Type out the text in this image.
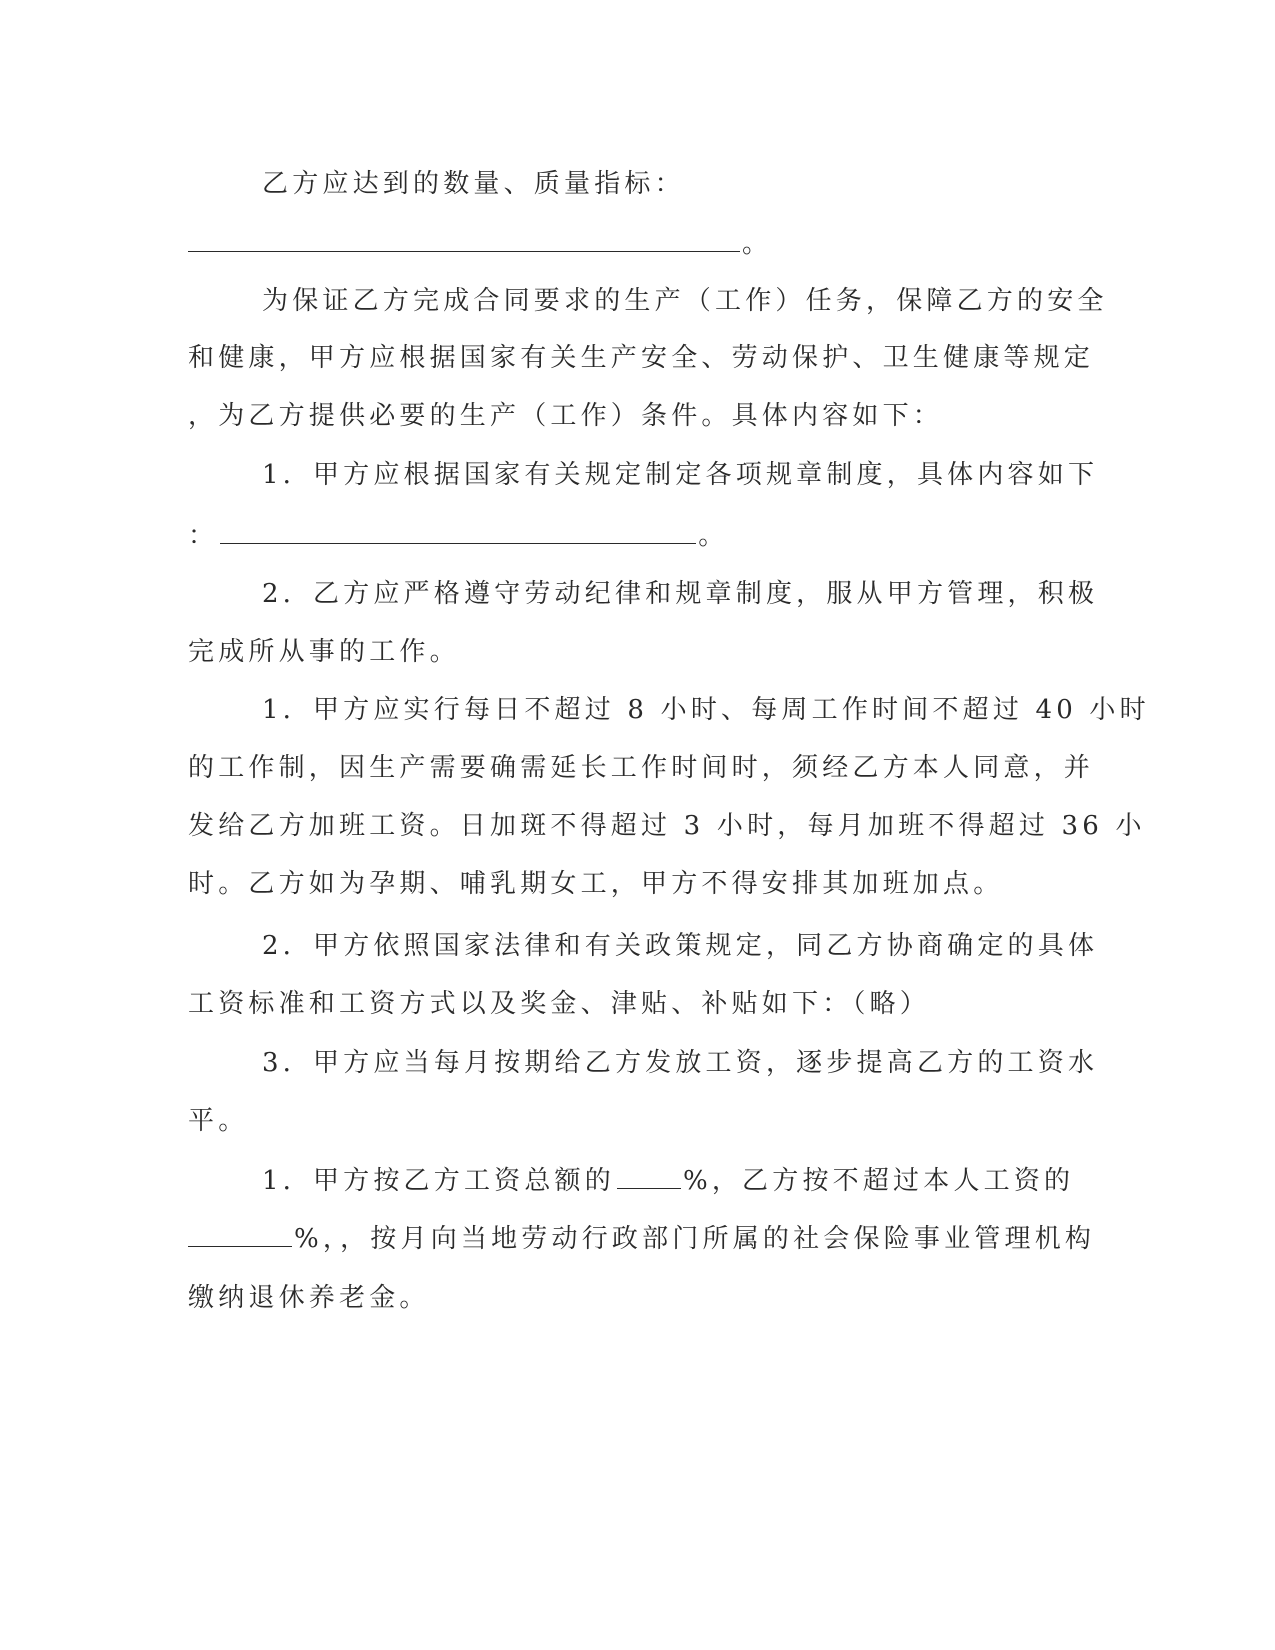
乙方应达到的数量、质量指标：
。
为保证乙方完成合同要求的生产（工作）任务，保障乙方的安全
和健康，甲方应根据国家有关生产安全、劳动保护、卫生健康等规定
，为乙方提供必要的生产（工作）条件。具体内容如下：
1．甲方应根据国家有关规定制定各项规章制度，具体内容如下
：	。
2．乙方应严格遵守劳动纪律和规章制度，服从甲方管理，积极
完成所从事的工作。
1．甲方应实行每日不超过 8 小时、每周工作时间不超过 40 小时
的工作制，因生产需要确需延长工作时间时，须经乙方本人同意，并
发给乙方加班工资。日加斑不得超过 3 小时，每月加班不得超过 36 小
时。乙方如为孕期、哺乳期女工，甲方不得安排其加班加点。
2．甲方依照国家法律和有关政策规定，同乙方协商确定的具体
工资标准和工资方式以及奖金、津贴、补贴如下：（略）
3．甲方应当每月按期给乙方发放工资，逐步提高乙方的工资水
平。
1．甲方按乙方工资总额的	%，乙方按不超过本人工资的
%，，按月向当地劳动行政部门所属的社会保险事业管理机构
缴纳退休养老金。
